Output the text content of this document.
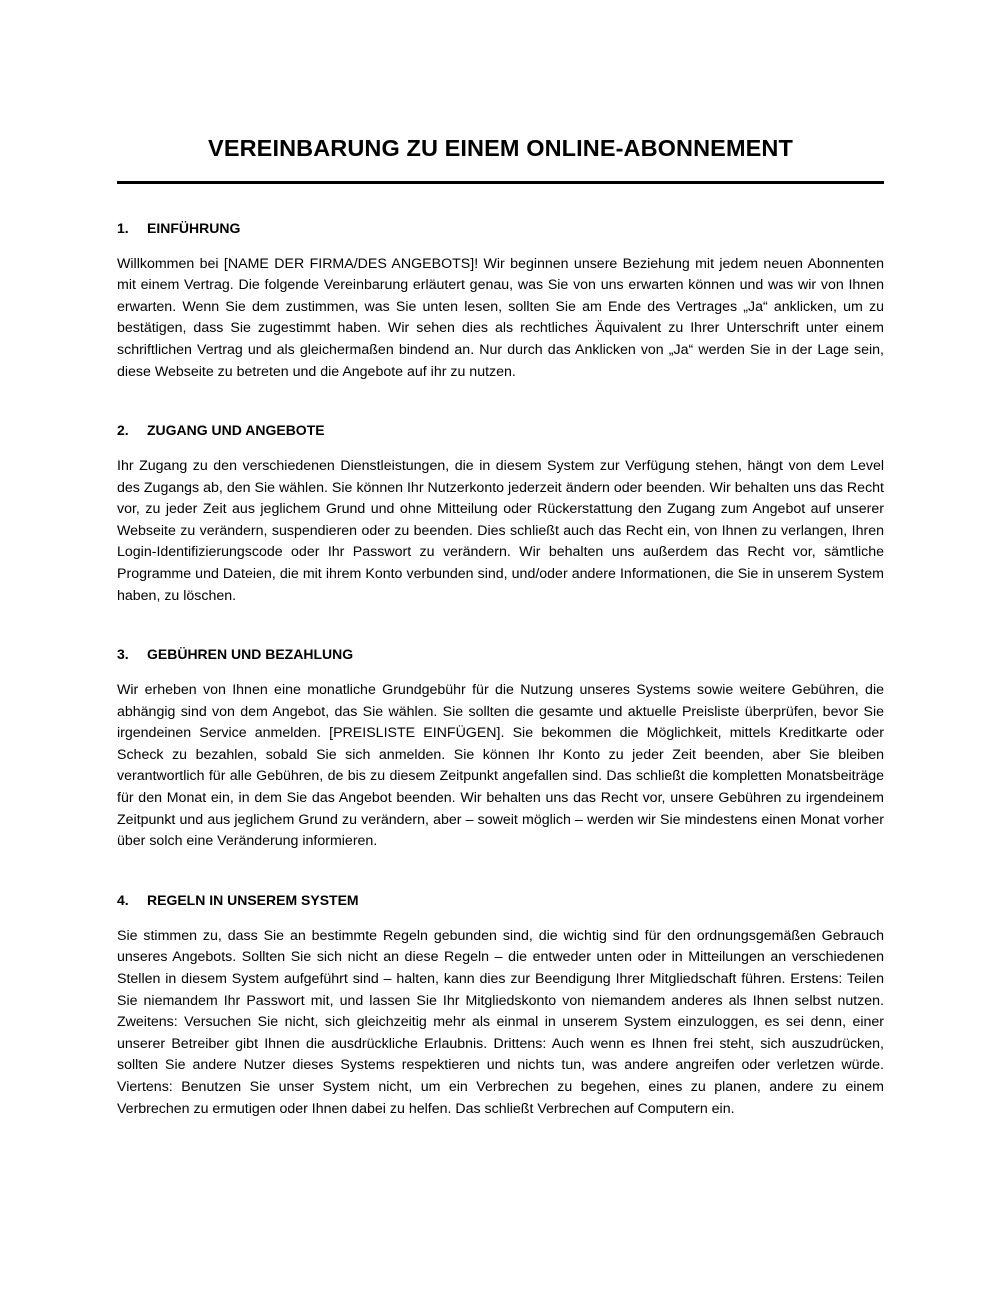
VEREINBARUNG ZU EINEM ONLINE-ABONNEMENT
1.	EINFÜHRUNG

Willkommen bei [NAME DER FIRMA/DES ANGEBOTS]! Wir beginnen unsere Beziehung mit jedem neuen Abonnenten mit einem Vertrag. Die folgende Vereinbarung erläutert genau, was Sie von uns erwarten können und was wir von Ihnen erwarten. Wenn Sie dem zustimmen, was Sie unten lesen, sollten Sie am Ende des Vertrages „Ja“ anklicken, um zu bestätigen, dass Sie zugestimmt haben. Wir sehen dies als rechtliches Äquivalent zu Ihrer Unterschrift unter einem schriftlichen Vertrag und als gleichermaßen bindend an. Nur durch das Anklicken von „Ja“ werden Sie in der Lage sein, diese Webseite zu betreten und die Angebote auf ihr zu nutzen.

2.	ZUGANG UND ANGEBOTE

Ihr Zugang zu den verschiedenen Dienstleistungen, die in diesem System zur Verfügung stehen, hängt von dem Level des Zugangs ab, den Sie wählen. Sie können Ihr Nutzerkonto jederzeit ändern oder beenden. Wir behalten uns das Recht vor, zu jeder Zeit aus jeglichem Grund und ohne Mitteilung oder Rückerstattung den Zugang zum Angebot auf unserer Webseite zu verändern, suspendieren oder zu beenden. Dies schließt auch das Recht ein, von Ihnen zu verlangen, Ihren Login-Identifizierungscode oder Ihr Passwort zu verändern. Wir behalten uns außerdem das Recht vor, sämtliche Programme und Dateien, die mit ihrem Konto verbunden sind, und/oder andere Informationen, die Sie in unserem System haben, zu löschen.

3.	GEBÜHREN UND BEZAHLUNG

Wir erheben von Ihnen eine monatliche Grundgebühr für die Nutzung unseres Systems sowie weitere Gebühren, die abhängig sind von dem Angebot, das Sie wählen. Sie sollten die gesamte und aktuelle Preisliste überprüfen, bevor Sie irgendeinen Service anmelden. [PREISLISTE EINFÜGEN]. Sie bekommen die Möglichkeit, mittels Kreditkarte oder Scheck zu bezahlen, sobald Sie sich anmelden. Sie können Ihr Konto zu jeder Zeit beenden, aber Sie bleiben verantwortlich für alle Gebühren, de bis zu diesem Zeitpunkt angefallen sind. Das schließt die kompletten Monatsbeiträge für den Monat ein, in dem Sie das Angebot beenden. Wir behalten uns das Recht vor, unsere Gebühren zu irgendeinem Zeitpunkt und aus jeglichem Grund zu verändern, aber – soweit möglich – werden wir Sie mindestens einen Monat vorher über solch eine Veränderung informieren.

4.	REGELN IN UNSEREM SYSTEM

Sie stimmen zu, dass Sie an bestimmte Regeln gebunden sind, die wichtig sind für den ordnungsgemäßen Gebrauch unseres Angebots. Sollten Sie sich nicht an diese Regeln – die entweder unten oder in Mitteilungen an verschiedenen Stellen in diesem System aufgeführt sind – halten, kann dies zur Beendigung Ihrer Mitgliedschaft führen. Erstens: Teilen Sie niemandem Ihr Passwort mit, und lassen Sie Ihr Mitgliedskonto von niemandem anderes als Ihnen selbst nutzen. Zweitens: Versuchen Sie nicht, sich gleichzeitig mehr als einmal in unserem System einzuloggen, es sei denn, einer unserer Betreiber gibt Ihnen die ausdrückliche Erlaubnis. Drittens: Auch wenn es Ihnen frei steht, sich auszudrücken, sollten Sie andere Nutzer dieses Systems respektieren und nichts tun, was andere angreifen oder verletzen würde. Viertens: Benutzen Sie unser System nicht, um ein Verbrechen zu begehen, eines zu planen, andere zu einem Verbrechen zu ermutigen oder Ihnen dabei zu helfen. Das schließt Verbrechen auf Computern ein.
